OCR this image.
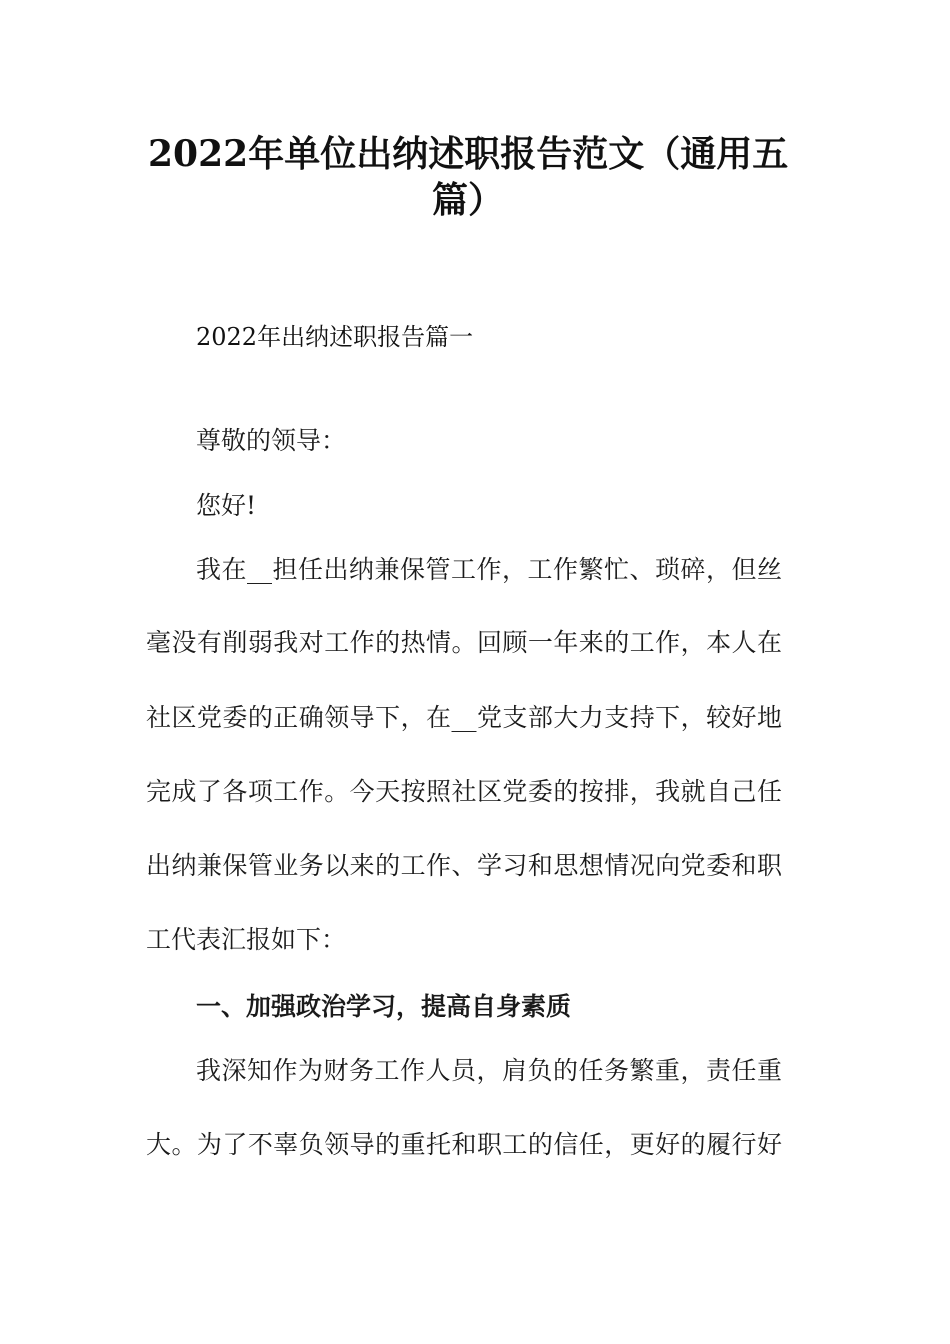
2022年单位出纳述职报告范文（通用五
篇）
2022年出纳述职报告篇一
尊敬的领导：
您好!
我在__担任出纳兼保管工作，工作繁忙、琐碎，但丝
毫没有削弱我对工作的热情。回顾一年来的工作，本人在
社区党委的正确领导下，在__党支部大力支持下，较好地
完成了各项工作。今天按照社区党委的按排，我就自己任
出纳兼保管业务以来的工作、学习和思想情况向党委和职
工代表汇报如下：
一、加强政治学习，提高自身素质
我深知作为财务工作人员，肩负的任务繁重，责任重
大。为了不辜负领导的重托和职工的信任，更好的履行好
